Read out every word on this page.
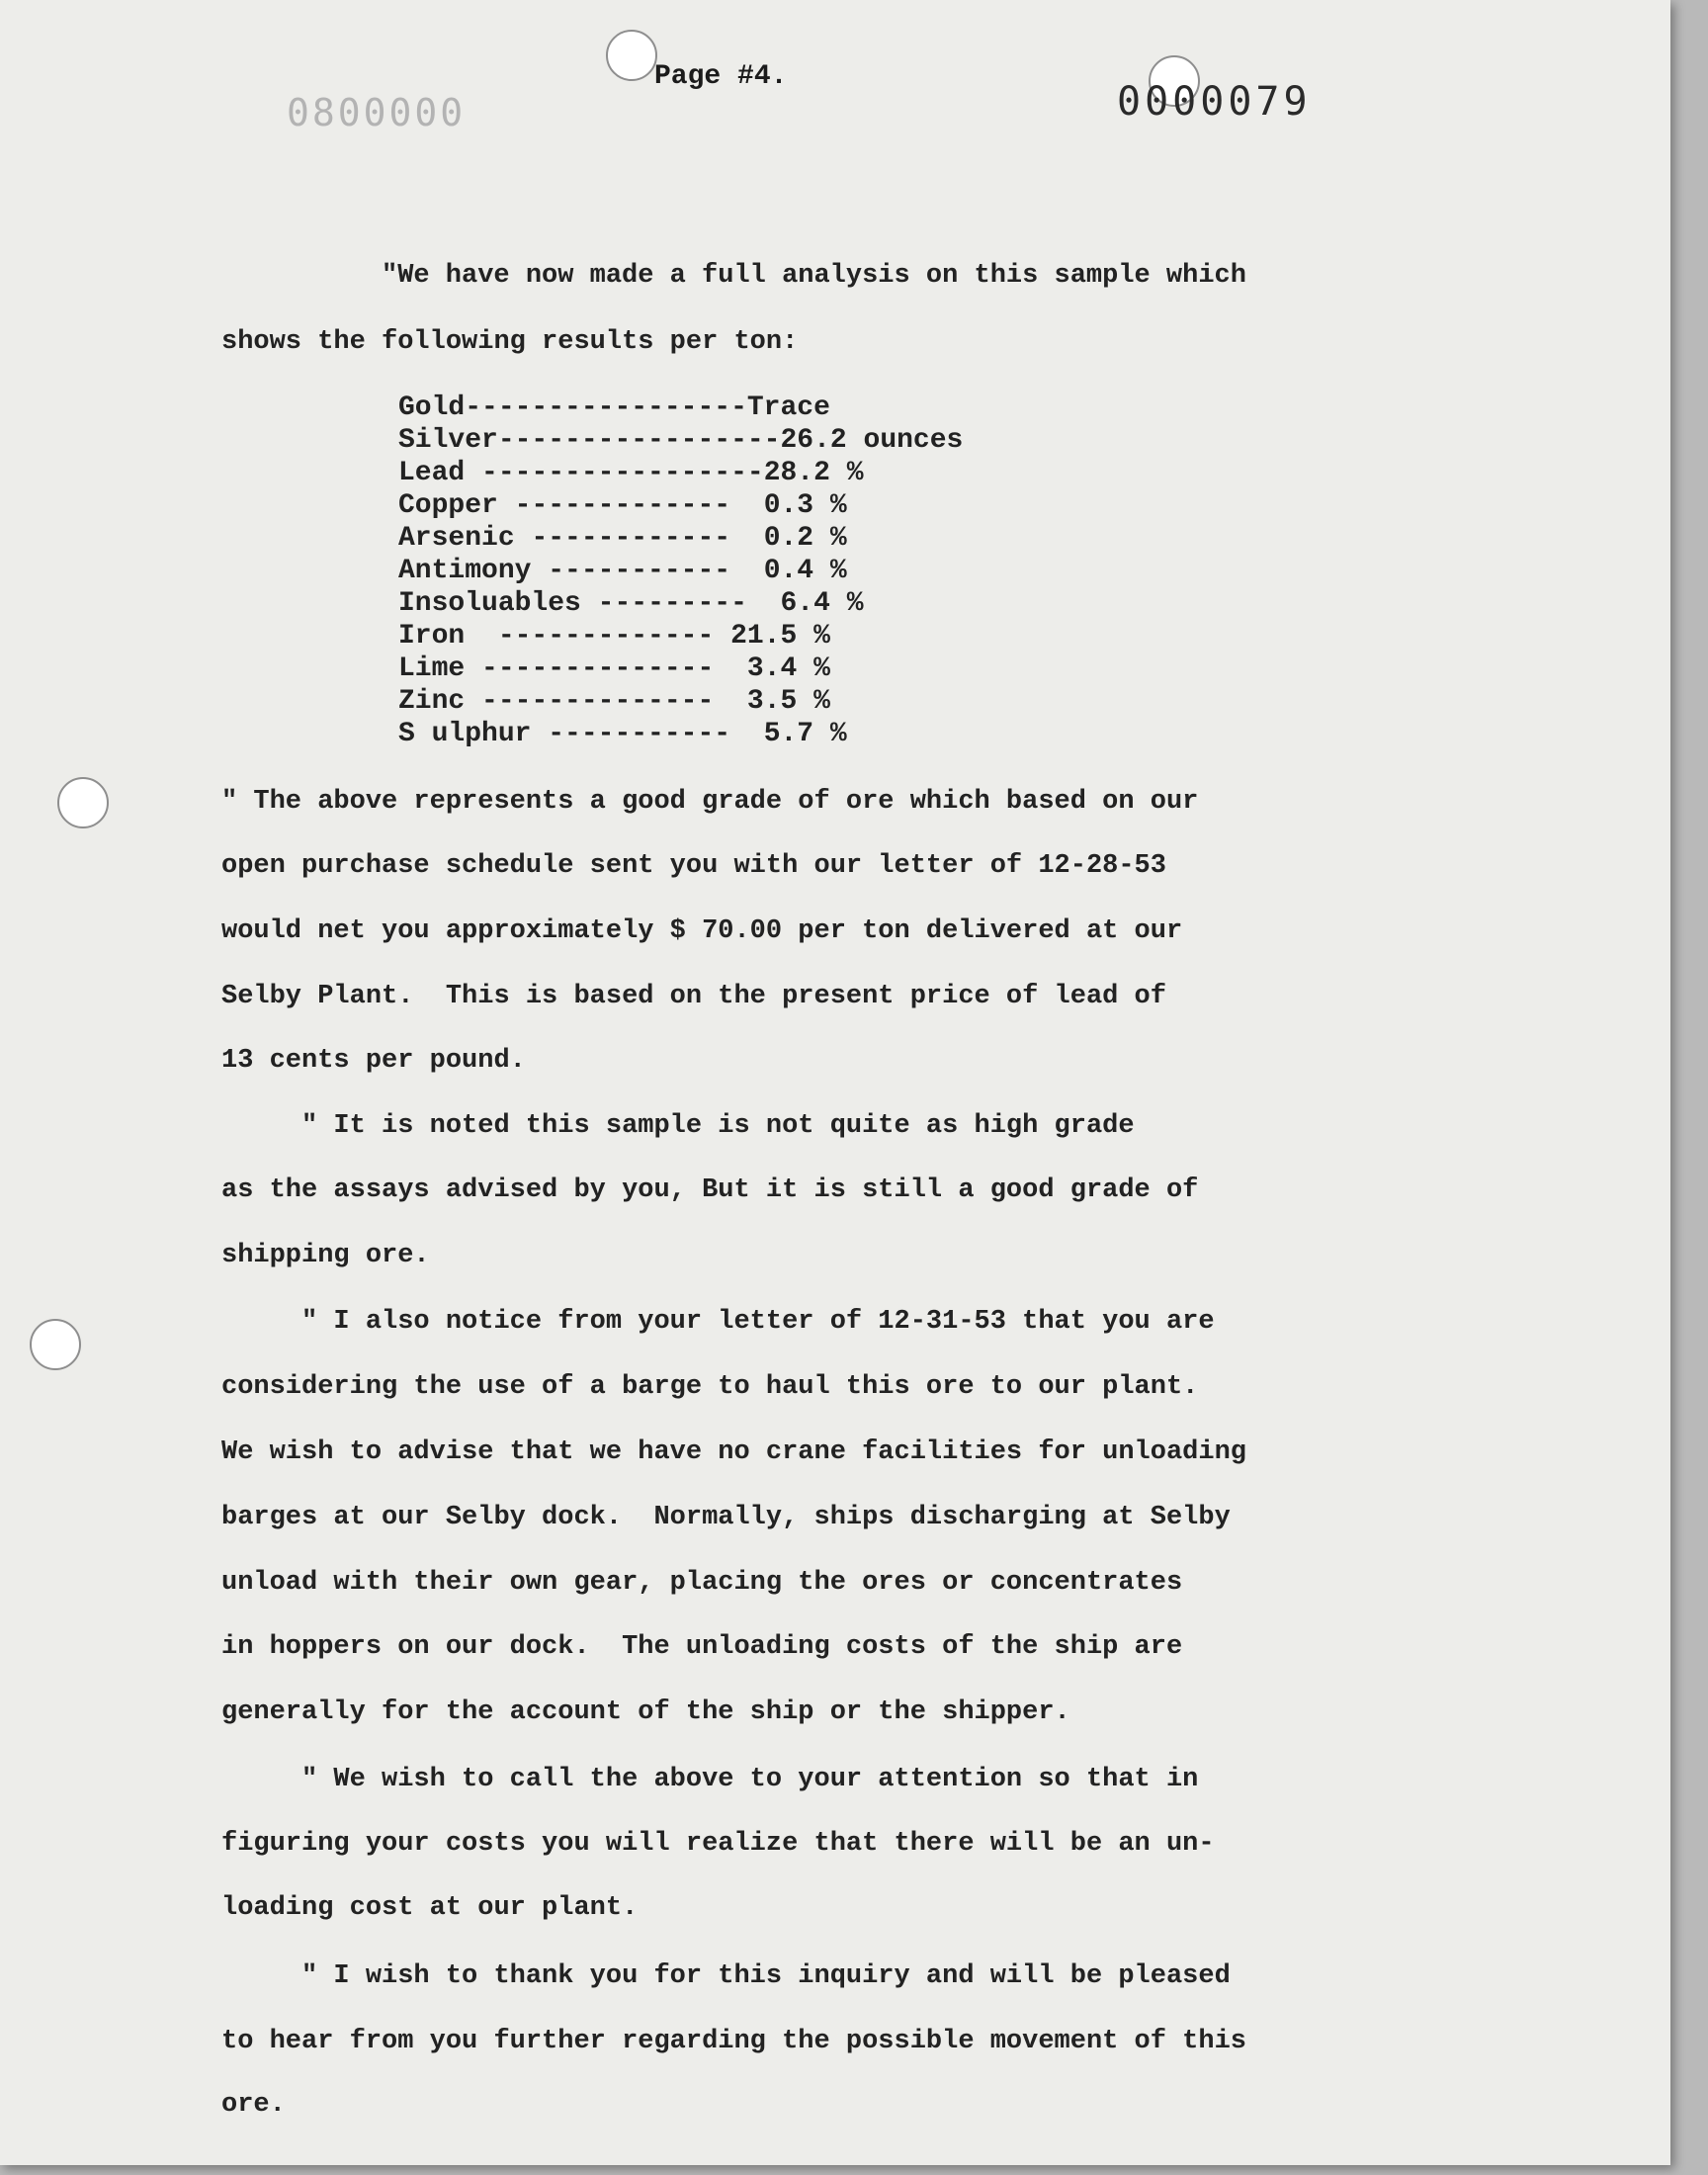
0800000
Page #4.
0000079
"We have now made a full analysis on this sample which
shows the following results per ton:
Gold-----------------Trace
Silver-----------------26.2 ounces
Lead -----------------28.2 %
Copper ------------- 0.3 %
Arsenic ------------ 0.2 %
Antimony ----------- 0.4 %
Insoluables --------- 6.4 %
Iron ------------- 21.5 %
Lime -------------- 3.4 %
Zinc -------------- 3.5 %
S ulphur ----------- 5.7 %
" The above represents a good grade of ore which based on our
open purchase schedule sent you with our letter of 12-28-53
would net you approximately $ 70.00 per ton delivered at our
Selby Plant.  This is based on the present price of lead of
13 cents per pound.
" It is noted this sample is not quite as high grade
as the assays advised by you, But it is still a good grade of
shipping ore.
" I also notice from your letter of 12-31-53 that you are
considering the use of a barge to haul this ore to our plant.
We wish to advise that we have no crane facilities for unloading
barges at our Selby dock.  Normally, ships discharging at Selby
unload with their own gear, placing the ores or concentrates
in hoppers on our dock.  The unloading costs of the ship are
generally for the account of the ship or the shipper.
" We wish to call the above to your attention so that in
figuring your costs you will realize that there will be an un-
loading cost at our plant.
" I wish to thank you for this inquiry and will be pleased
to hear from you further regarding the possible movement of this
ore.
